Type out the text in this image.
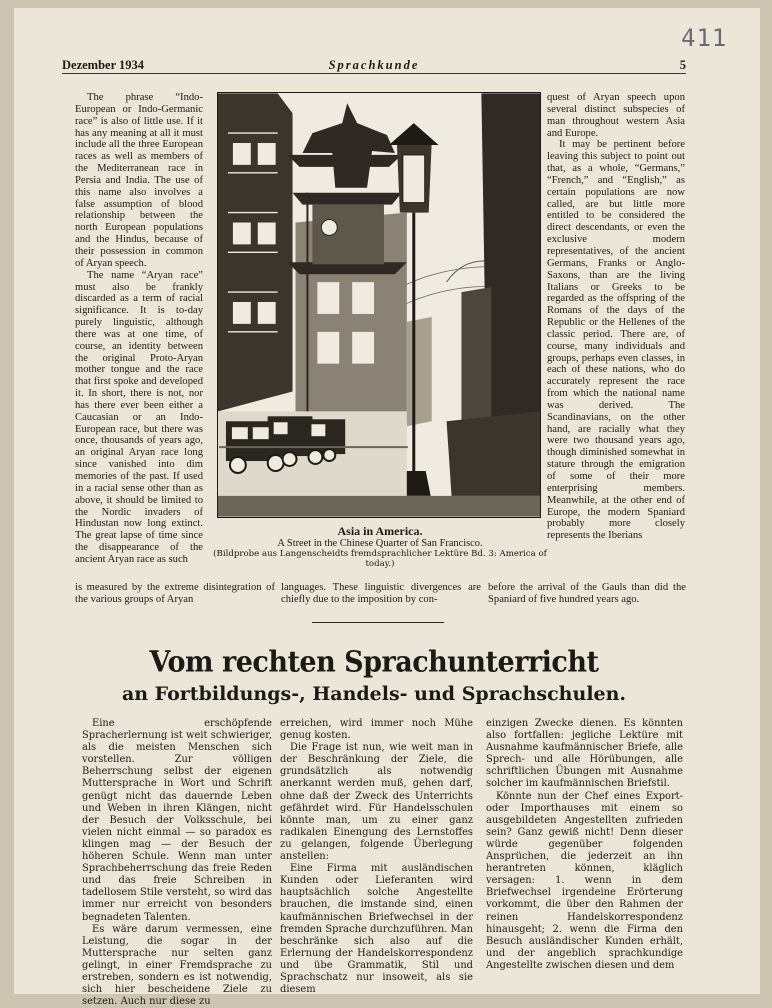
411
Dezember 1934	Sprachkunde	5

The phrase “Indo-European or Indo-Germanic race” is also of little use. If it has any meaning at all it must include all the three European races as well as members of the Mediterranean race in Persia and India. The use of this name also involves a false assumption of blood relationship between the north European populations and the Hindus, because of their possession in common of Aryan speech.

The name “Aryan race” must also be frankly discarded as a term of racial significance. It is to-day purely linguistic, although there was at one time, of course, an identity between the original Proto-Aryan mother tongue and the race that first spoke and developed it. In short, there is not, nor has there ever been either a Caucasian or an Indo-European race, but there was once, thousands of years ago, an original Aryan race long since vanished into dim memories of the past. If used in a racial sense other than as above, it should be limited to the Nordic invaders of Hindustan now long extinct. The great lapse of time since the disappearance of the ancient Aryan race as such

Asia in America.
A Street in the Chinese Quarter of San Francisco.
(Bildprobe aus Langenscheidts fremdsprachlicher Lektüre Bd. 3: America of today.)

quest of Aryan speech upon several distinct subspecies of man throughout western Asia and Europe.

It may be pertinent before leaving this subject to point out that, as a whole, “Germans,” “French,” and “English,” as certain populations are now called, are but little more entitled to be considered the direct descendants, or even the exclusive modern representatives, of the ancient Germans, Franks or Anglo-Saxons, than are the living Italians or Greeks to be regarded as the offspring of the Romans of the days of the Republic or the Hellenes of the classic period. There are, of course, many individuals and groups, perhaps even classes, in each of these nations, who do accurately represent the race from which the national name was derived. The Scandinavians, on the other hand, are racially what they were two thousand years ago, though diminished somewhat in stature through the emigration of some of their more enterprising members. Meanwhile, at the other end of Europe, the modern Spaniard probably more closely represents the Iberians

is measured by the extreme disintegration of the various groups of Aryan

languages. These linguistic divergences are chiefly due to the imposition by con-

before the arrival of the Gauls than did the Spaniard of five hundred years ago.

Vom rechten Sprachunterricht
an Fortbildungs-, Handels- und Sprachschulen.

Eine erschöpfende Spracherlernung ist weit schwieriger, als die meisten Menschen sich vorstellen. Zur völligen Beherrschung selbst der eigenen Muttersprache in Wort und Schrift genügt nicht das dauernde Leben und Weben in ihren Klängen, nicht der Besuch der Volksschule, bei vielen nicht einmal — so paradox es klingen mag — der Besuch der höheren Schule. Wenn man unter Sprachbeherrschung das freie Reden und das freie Schreiben in tadellosem Stile versteht, so wird das immer nur erreicht von besonders begnadeten Talenten.

Es wäre darum vermessen, eine Leistung, die sogar in der Muttersprache nur selten ganz gelingt, in einer Fremdsprache zu erstreben, sondern es ist notwendig, sich hier bescheidene Ziele zu setzen. Auch nur diese zu

erreichen, wird immer noch Mühe genug kosten.

Die Frage ist nun, wie weit man in der Beschränkung der Ziele, die grundsätzlich als notwendig anerkannt werden muß, gehen darf, ohne daß der Zweck des Unterrichts gefährdet wird. Für Handelsschulen könnte man, um zu einer ganz radikalen Einengung des Lernstoffes zu gelangen, folgende Überlegung anstellen:

Eine Firma mit ausländischen Kunden oder Lieferanten wird hauptsächlich solche Angestellte brauchen, die imstande sind, einen kaufmännischen Briefwechsel in der fremden Sprache durchzuführen. Man beschränke sich also auf die Erlernung der Handelskorrespondenz und übe Grammatik, Stil und Sprachschatz nur insoweit, als sie diesem

einzigen Zwecke dienen. Es könnten also fortfallen: jegliche Lektüre mit Ausnahme kaufmännischer Briefe, alle Sprech- und alle Hörübungen, alle schriftlichen Übungen mit Ausnahme solcher im kaufmännischen Briefstil.

Könnte nun der Chef eines Export- oder Importhauses mit einem so ausgebildeten Angestellten zufrieden sein? Ganz gewiß nicht! Denn dieser würde gegenüber folgenden Ansprüchen, die jederzeit an ihn herantreten können, kläglich versagen: 1. wenn in dem Briefwechsel irgendeine Erörterung vorkommt, die über den Rahmen der reinen Handelskorrespondenz hinausgeht; 2. wenn die Firma den Besuch ausländischer Kunden erhält, und der angeblich sprachkundige Angestellte zwischen diesen und dem
